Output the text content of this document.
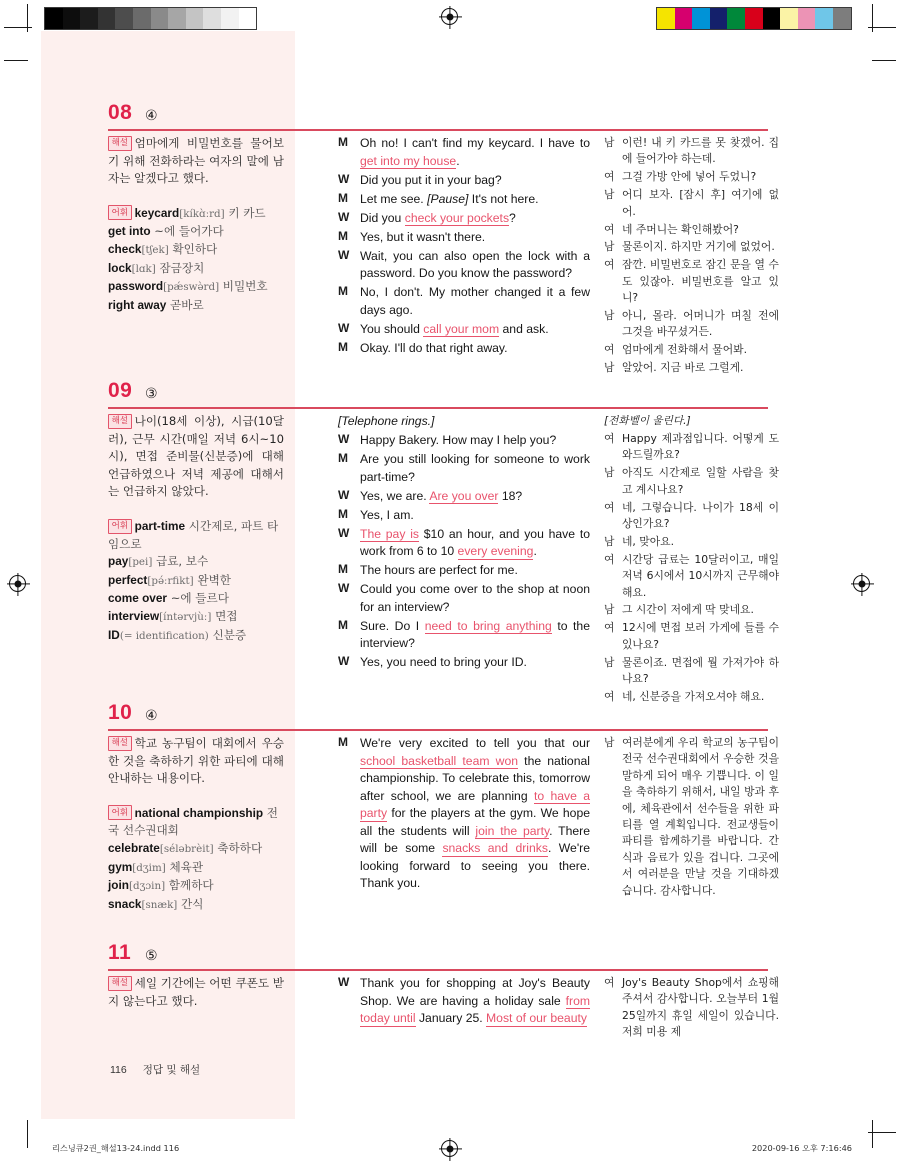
08 ④
해설 엄마에게 비밀번호를 물어보기 위해 전화하라는 여자의 말에 남자는 알겠다고 했다.
어휘 keycard[kíkɑ̀ːrd] 키 카드
get into ~에 들어가다
check[tʃek] 확인하다
lock[lɑk] 잠금장치
password[pǽswə̀rd] 비밀번호
right away 곧바로
M Oh no! I can't find my keycard. I have to get into my house.
W Did you put it in your bag?
M Let me see. [Pause] It's not here.
W Did you check your pockets?
M Yes, but it wasn't there.
W Wait, you can also open the lock with a password. Do you know the password?
M No, I don't. My mother changed it a few days ago.
W You should call your mom and ask.
M Okay. I'll do that right away.
남 이런! 내 키 카드를 못 찾겠어. 집에 들어가야 하는데.
여 그걸 가방 안에 넣어 두었니?
남 어디 보자. [잠시 후] 여기에 없어.
여 네 주머니는 확인해봤어?
남 물론이지. 하지만 거기에 없었어.
여 잠깐. 비밀번호로 잠긴 문을 열 수도 있잖아. 비밀번호를 알고 있니?
남 아니, 몰라. 어머니가 며칠 전에 그것을 바꾸셨거든.
여 엄마에게 전화해서 물어봐.
남 알았어. 지금 바로 그럴게.
09 ③
해설 나이(18세 이상), 시급(10달러), 근무 시간(매일 저녁 6시~10시), 면접 준비물(신분증)에 대해 언급하였으나 저녁 제공에 대해서는 언급하지 않았다.
어휘 part-time 시간제로, 파트 타임으로
pay[pei] 급료, 보수
perfect[pə́ːrfikt] 완벽한
come over ~에 들르다
interview[íntərvjùː] 면접
ID(= identification) 신분증
[Telephone rings.]
W Happy Bakery. How may I help you?
M Are you still looking for someone to work part-time?
W Yes, we are. Are you over 18?
M Yes, I am.
W The pay is $10 an hour, and you have to work from 6 to 10 every evening.
M The hours are perfect for me.
W Could you come over to the shop at noon for an interview?
M Sure. Do I need to bring anything to the interview?
W Yes, you need to bring your ID.
[전화벨이 울린다.]
여 Happy 제과점입니다. 어떻게 도와드릴까요?
남 아직도 시간제로 일할 사람을 찾고 계시나요?
여 네, 그렇습니다. 나이가 18세 이상인가요?
남 네, 맞아요.
여 시간당 급료는 10달러이고, 매일 저녁 6시에서 10시까지 근무해야 해요.
남 그 시간이 저에게 딱 맞네요.
여 12시에 면접 보러 가게에 들를 수 있나요?
남 물론이죠. 면접에 뭘 가져가야 하나요?
여 네, 신분증을 가져오셔야 해요.
10 ④
해설 학교 농구팀이 대회에서 우승한 것을 축하하기 위한 파티에 대해 안내하는 내용이다.
어휘 national championship 전국 선수권대회
celebrate[séləbrèit] 축하하다
gym[dʒim] 체육관
join[dʒɔin] 함께하다
snack[snæk] 간식
M We're very excited to tell you that our school basketball team won the national championship. To celebrate this, tomorrow after school, we are planning to have a party for the players at the gym. We hope all the students will join the party. There will be some snacks and drinks. We're looking forward to seeing you there. Thank you.
남 여러분에게 우리 학교의 농구팀이 전국 선수권대회에서 우승한 것을 말하게 되어 매우 기쁩니다. 이 일을 축하하기 위해서, 내일 방과 후에, 체육관에서 선수들을 위한 파티를 열 계획입니다. 전교생들이 파티를 함께하기를 바랍니다. 간식과 음료가 있을 겁니다. 그곳에서 여러분을 만날 것을 기대하겠습니다. 감사합니다.
11 ⑤
해설 세일 기간에는 어떤 쿠폰도 받지 않는다고 했다.
W Thank you for shopping at Joy's Beauty Shop. We are having a holiday sale from today until January 25. Most of our beauty
여 Joy's Beauty Shop에서 쇼핑해주셔서 감사합니다. 오늘부터 1월 25일까지 휴일 세일이 있습니다. 저희 미용 제
116 정답 및 해설
리스닝큐2권_해설13-24.indd 116	2020-09-16 오후 7:16:46
